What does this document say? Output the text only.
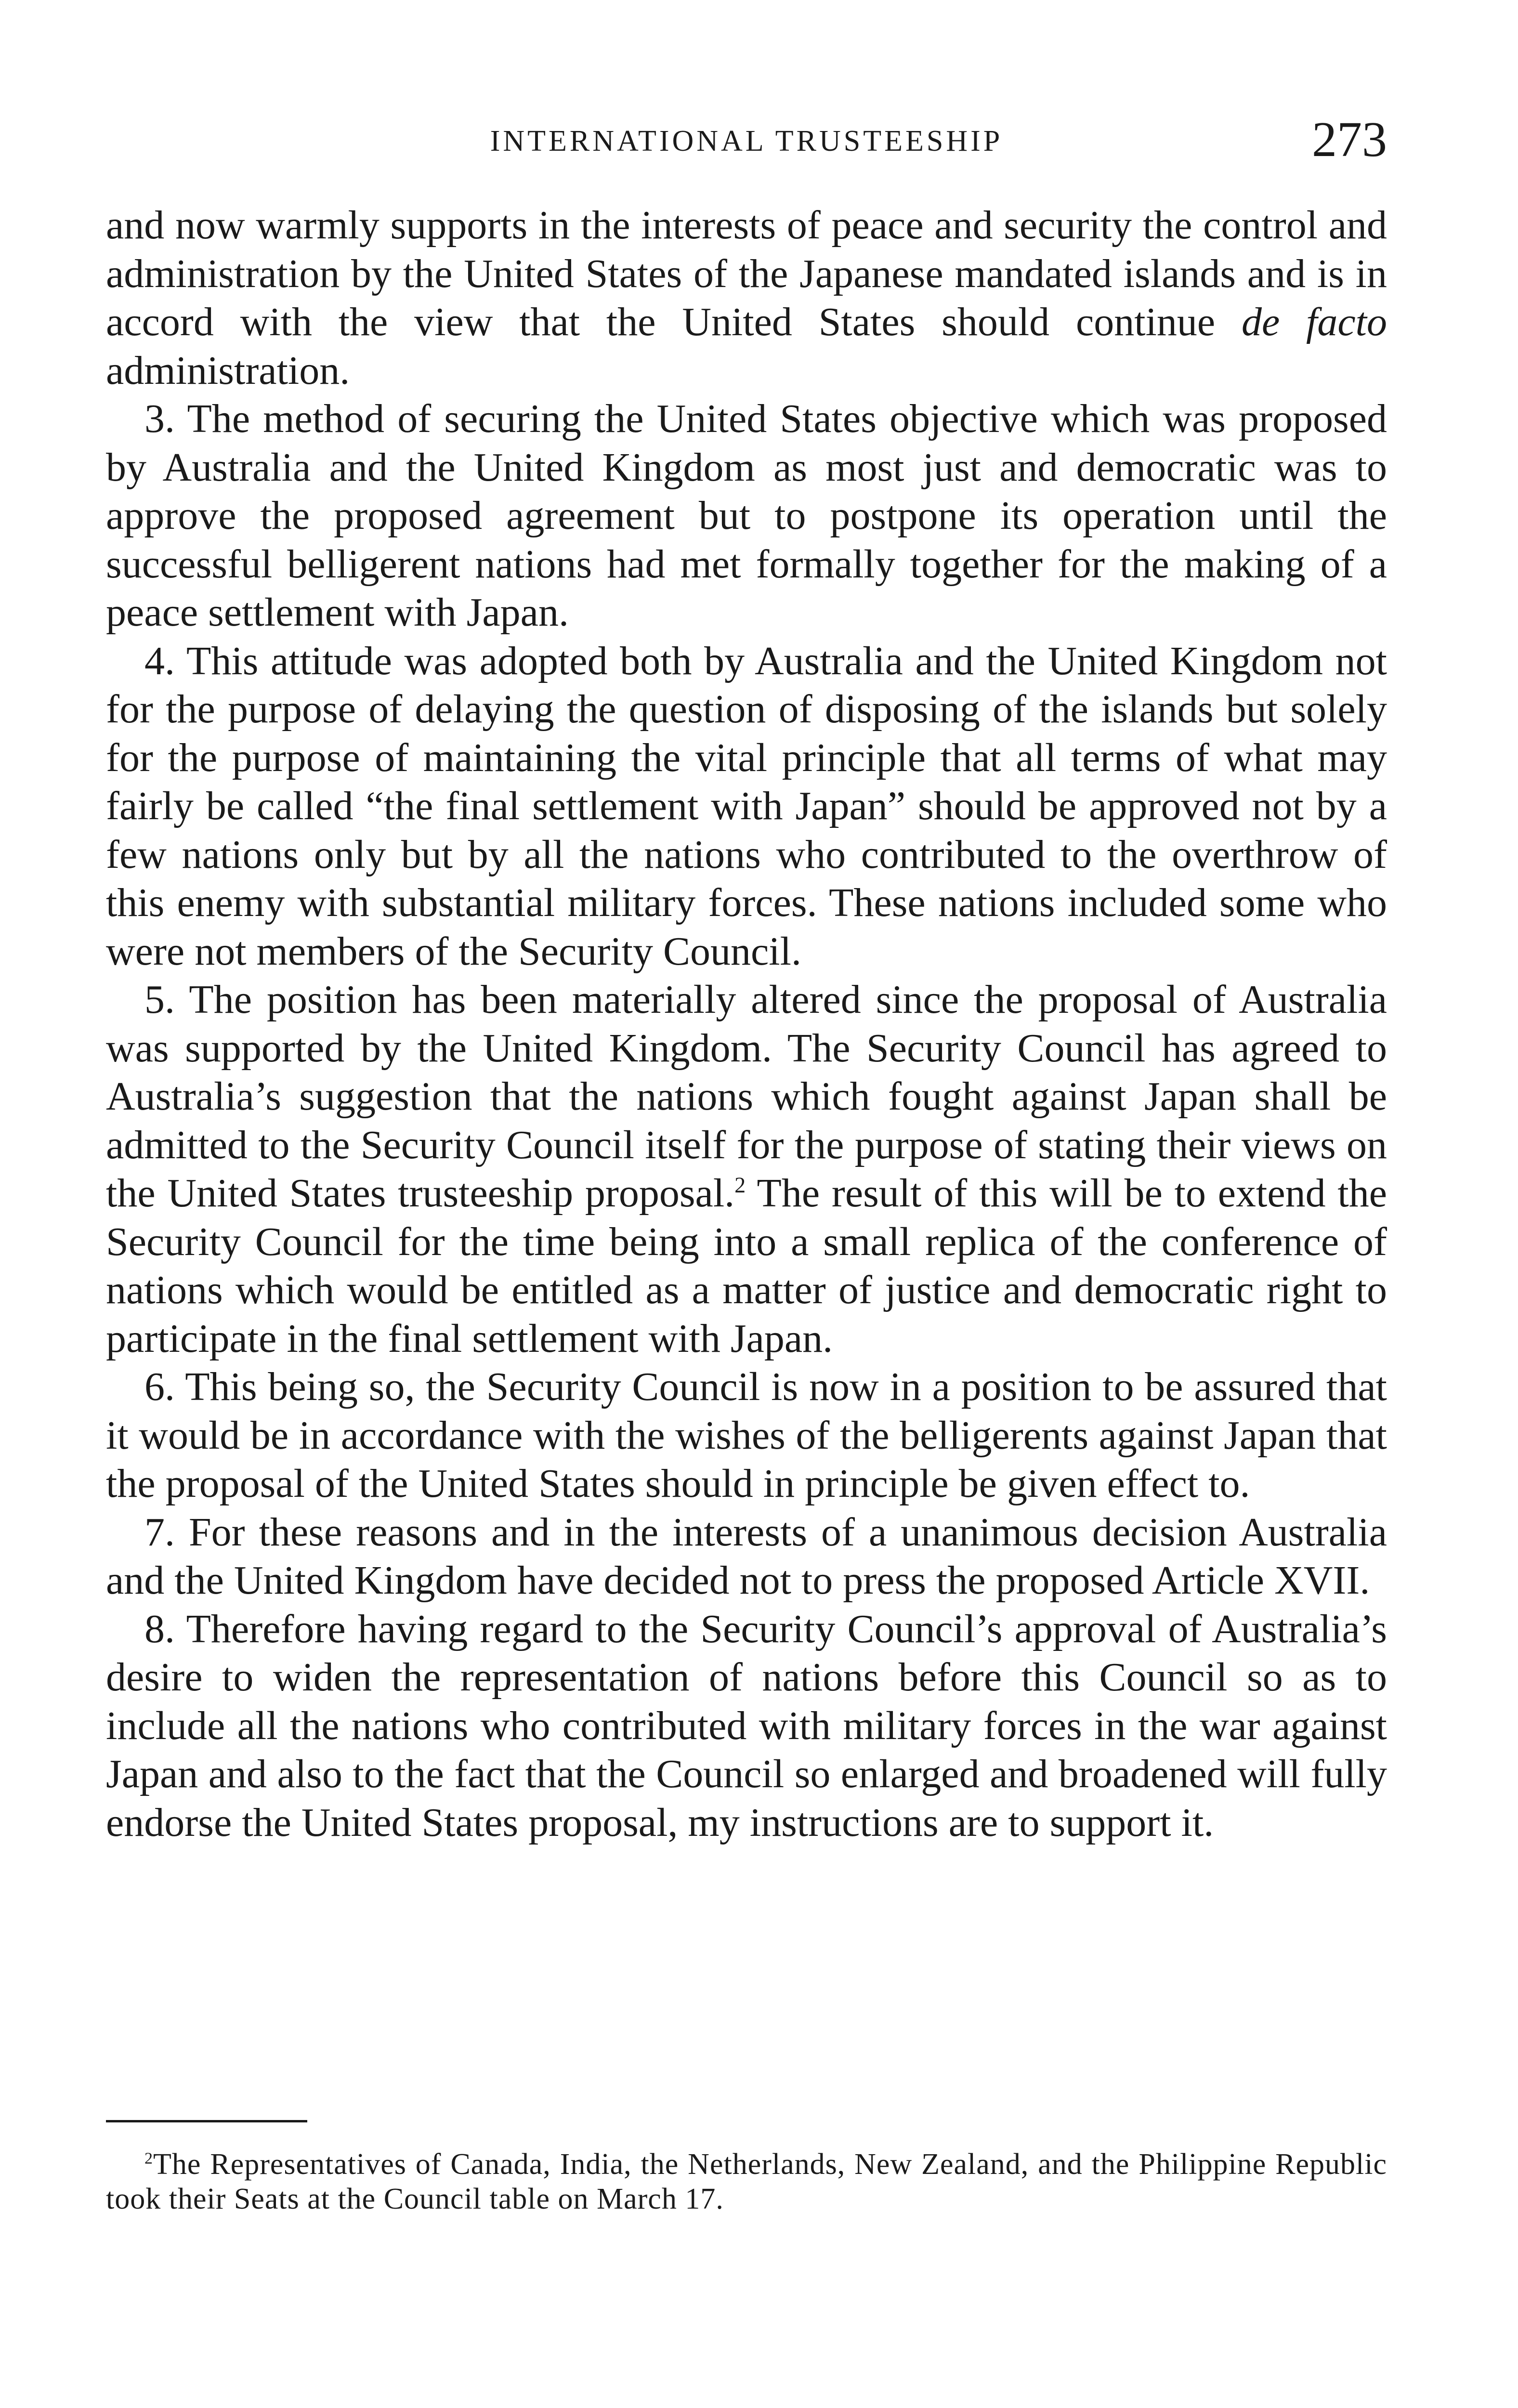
INTERNATIONAL TRUSTEESHIP	273

and now warmly supports in the interests of peace and security the control and administration by the United States of the Japanese mandated islands and is in accord with the view that the United States should continue de facto administration.

3. The method of securing the United States objective which was proposed by Australia and the United Kingdom as most just and democratic was to approve the proposed agreement but to postpone its operation until the successful belligerent nations had met formally together for the making of a peace settlement with Japan.

4. This attitude was adopted both by Australia and the United Kingdom not for the purpose of delaying the question of disposing of the islands but solely for the purpose of maintaining the vital principle that all terms of what may fairly be called “the final settlement with Japan” should be approved not by a few nations only but by all the nations who contributed to the overthrow of this enemy with substantial military forces. These nations included some who were not members of the Security Council.

5. The position has been materially altered since the proposal of Australia was supported by the United Kingdom. The Security Council has agreed to Australia’s suggestion that the nations which fought against Japan shall be admitted to the Security Council itself for the purpose of stating their views on the United States trusteeship proposal.$^2$ The result of this will be to extend the Security Council for the time being into a small replica of the conference of nations which would be entitled as a matter of justice and democratic right to participate in the final settlement with Japan.

6. This being so, the Security Council is now in a position to be assured that it would be in accordance with the wishes of the belligerents against Japan that the proposal of the United States should in principle be given effect to.

7. For these reasons and in the interests of a unanimous decision Australia and the United Kingdom have decided not to press the proposed Article XVII.

8. Therefore having regard to the Security Council’s approval of Australia’s desire to widen the representation of nations before this Council so as to include all the nations who contributed with military forces in the war against Japan and also to the fact that the Council so enlarged and broadened will fully endorse the United States proposal, my instructions are to support it.

$^2$The Representatives of Canada, India, the Netherlands, New Zealand, and the Philippine Republic took their Seats at the Council table on March 17.
